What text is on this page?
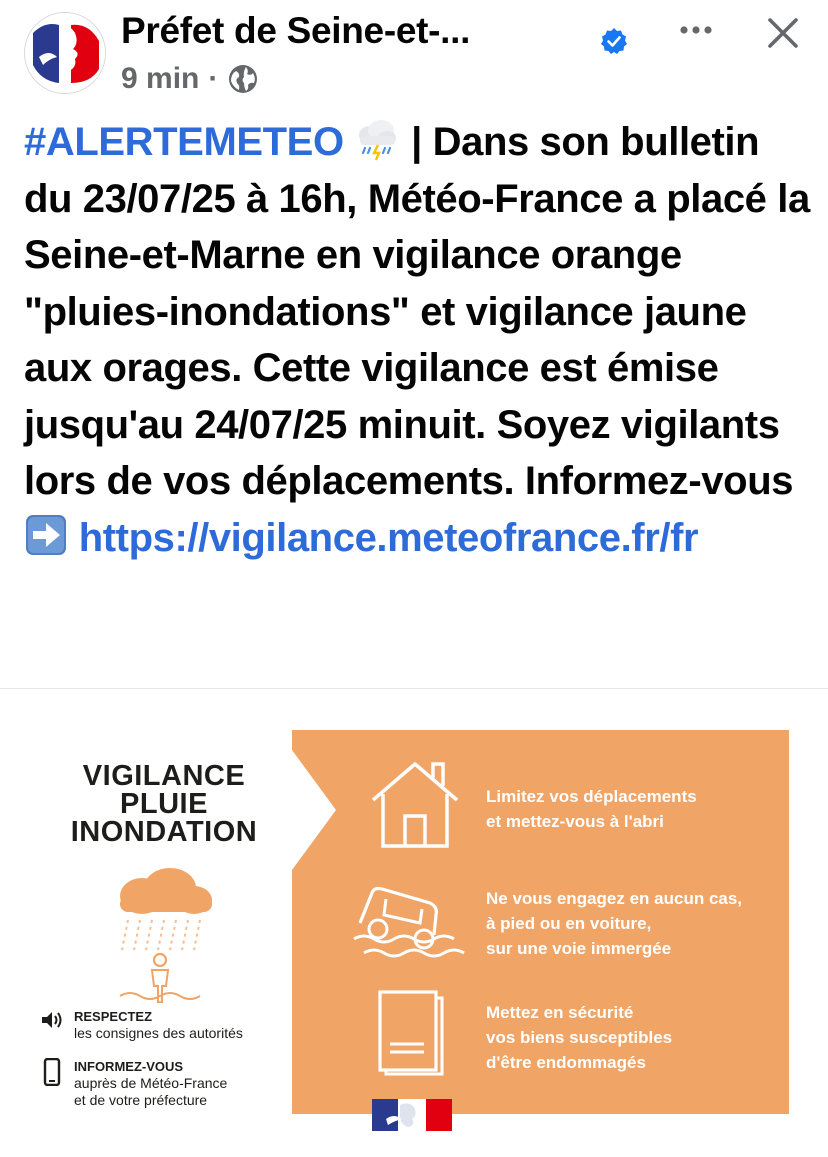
Préfet de Seine-et-...
9 min ·
#ALERTEMETEO  | Dans son bulletin du 23/07/25 à 16h, Météo-France a placé la Seine-et-Marne en vigilance orange "pluies-inondations" et vigilance jaune aux orages. Cette vigilance est émise jusqu'au 24/07/25 minuit. Soyez vigilants lors de vos déplacements. Informez-vous  https://vigilance.meteofrance.fr/fr
VIGILANCE
PLUIE
INONDATION
RESPECTEZ
les consignes des autorités
INFORMEZ-VOUS
auprès de Météo-France
et de votre préfecture
Limitez vos déplacements
et mettez-vous à l'abri
Ne vous engagez en aucun cas,
à pied ou en voiture,
sur une voie immergée
Mettez en sécurité
vos biens susceptibles
d'être endommagés
